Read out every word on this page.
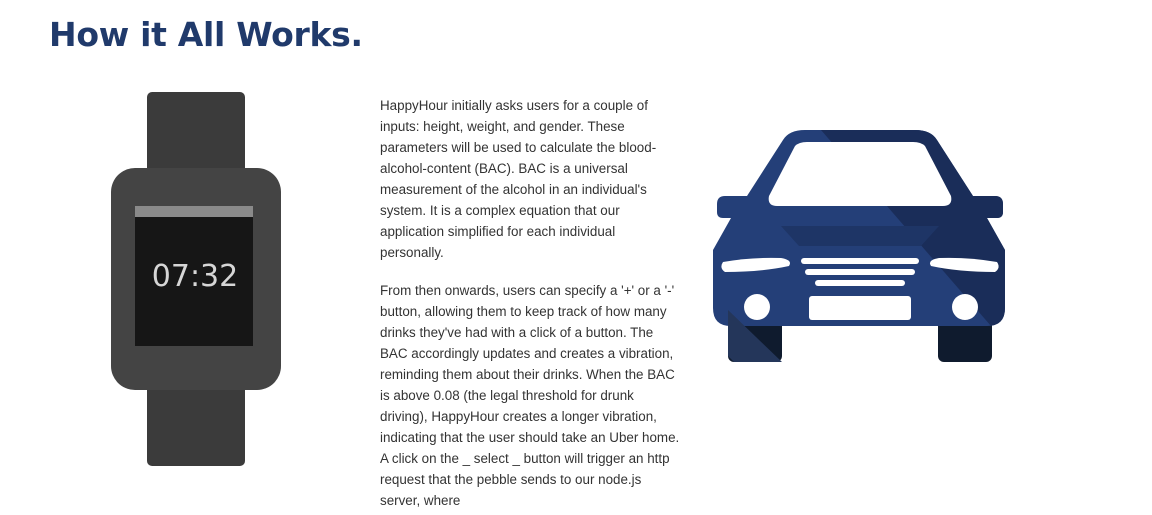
How it All Works.
07:32

HappyHour initially asks users for a couple of inputs: height, weight, and gender. These parameters will be used to calculate the blood-alcohol-content (BAC). BAC is a universal measurement of the alcohol in an individual's system. It is a complex equation that our application simplified for each individual personally.

From then onwards, users can specify a '+' or a '-' button, allowing them to keep track of how many drinks they've had with a click of a button. The BAC accordingly updates and creates a vibration, reminding them about their drinks. When the BAC is above 0.08 (the legal threshold for drunk driving), HappyHour creates a longer vibration, indicating that the user should take an Uber home. A click on the _ select _ button will trigger an http request that the pebble sends to our node.js server, where
